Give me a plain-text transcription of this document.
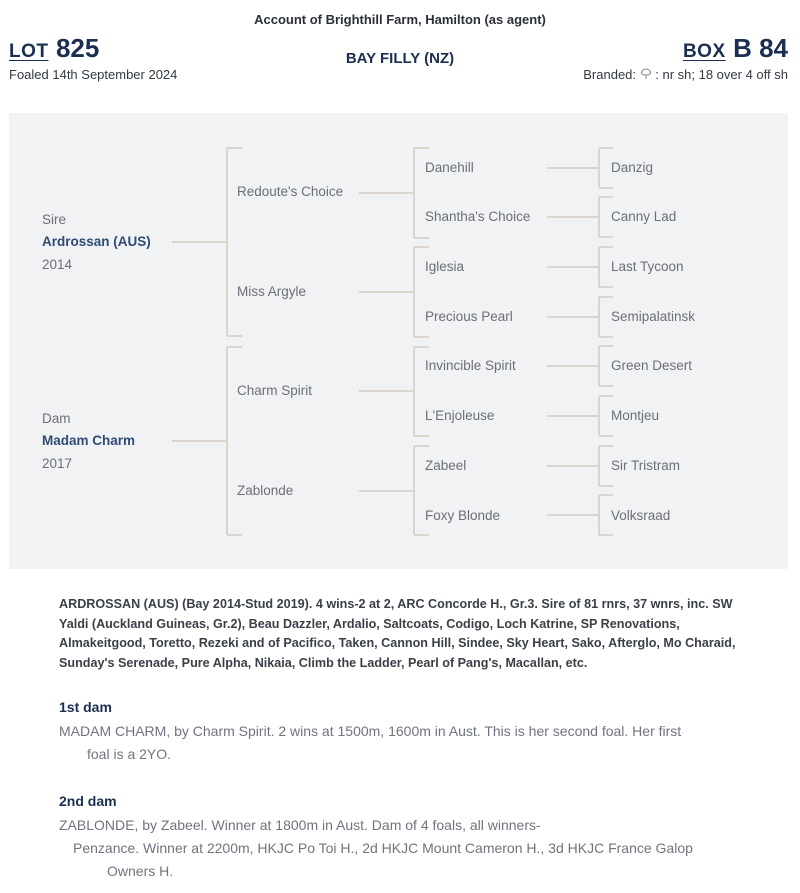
Account of Brighthill Farm, Hamilton (as agent)
LOT 825
Foaled 14th September 2024
BAY FILLY (NZ)	BOX B 84
Branded: : nr sh; 18 over 4 off sh
Sire
Ardrossan (AUS)
2014
Dam
Madam Charm
2017
Redoute's Choice
Miss Argyle
Charm Spirit
Zablonde
Danehill
Shantha's Choice
Iglesia
Precious Pearl
Invincible Spirit
L'Enjoleuse
Zabeel
Foxy Blonde
Danzig
Canny Lad
Last Tycoon
Semipalatinsk
Green Desert
Montjeu
Sir Tristram
Volksraad
ARDROSSAN (AUS) (Bay 2014-Stud 2019). 4 wins-2 at 2, ARC Concorde H., Gr.3. Sire of 81 rnrs, 37 wnrs, inc. SW Yaldi (Auckland Guineas, Gr.2), Beau Dazzler, Ardalio, Saltcoats, Codigo, Loch Katrine, SP Renovations, Almakeitgood, Toretto, Rezeki and of Pacifico, Taken, Cannon Hill, Sindee, Sky Heart, Sako, Afterglo, Mo Charaid, Sunday's Serenade, Pure Alpha, Nikaia, Climb the Ladder, Pearl of Pang's, Macallan, etc.
1st dam
MADAM CHARM, by Charm Spirit. 2 wins at 1500m, 1600m in Aust. This is her second foal. Her first
foal is a 2YO.
2nd dam
ZABLONDE, by Zabeel. Winner at 1800m in Aust. Dam of 4 foals, all winners-
Penzance. Winner at 2200m, HKJC Po Toi H., 2d HKJC Mount Cameron H., 3d HKJC France Galop
Owners H.
